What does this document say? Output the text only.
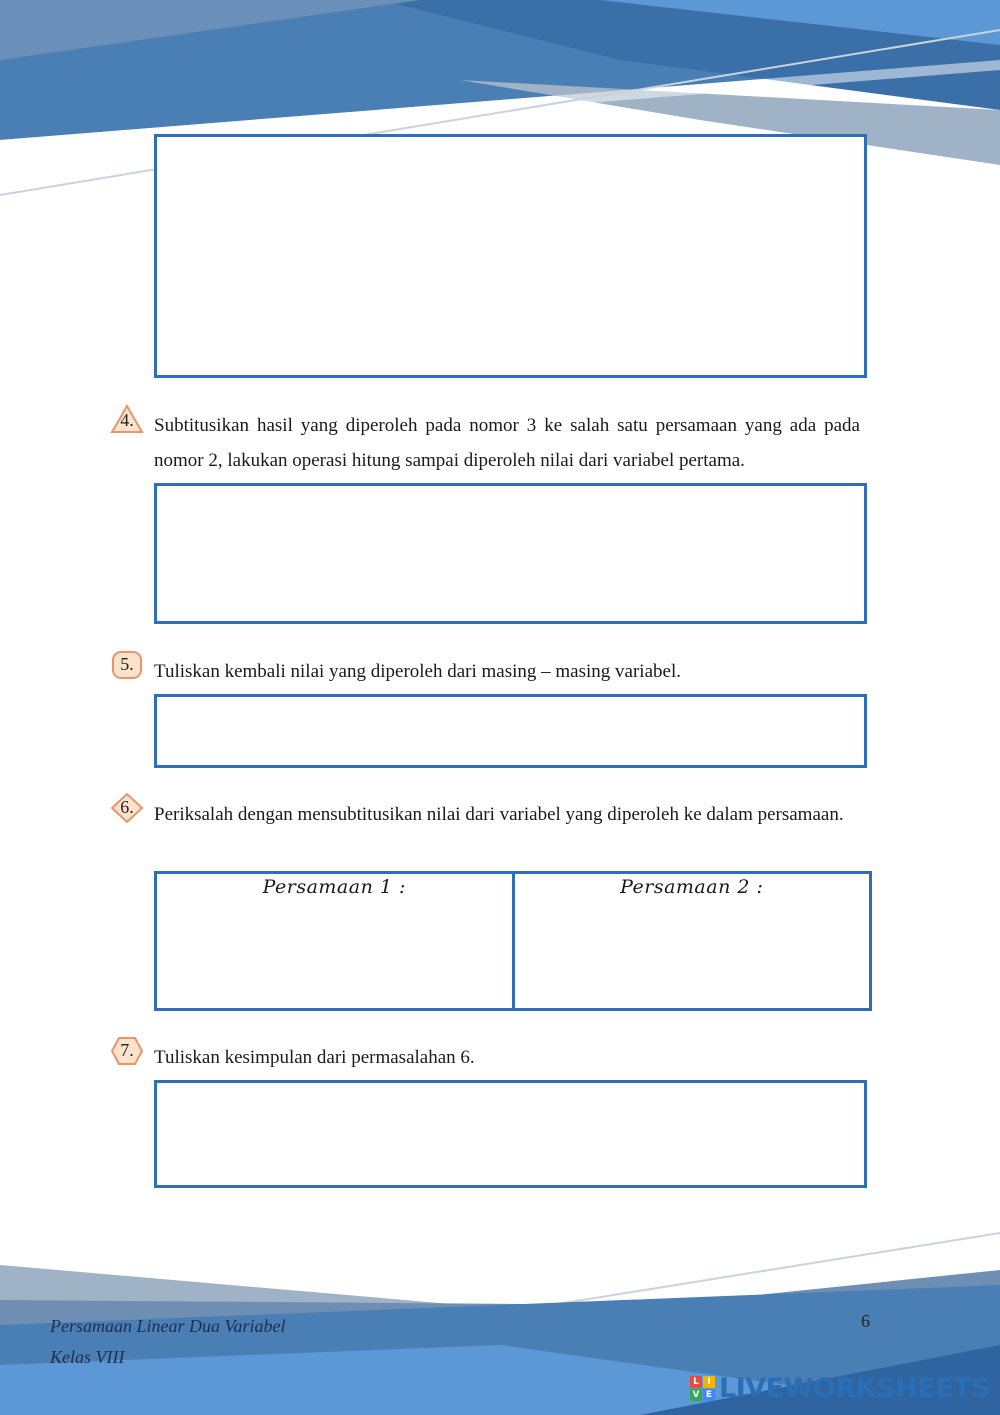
4.	Subtitusikan hasil yang diperoleh pada nomor 3 ke salah satu persamaan yang ada pada nomor 2, lakukan operasi hitung sampai diperoleh nilai dari variabel pertama.
5.	Tuliskan kembali nilai yang diperoleh dari masing – masing variabel.
6.	Periksalah dengan mensubtitusikan nilai dari variabel yang diperoleh ke dalam persamaan.
Persamaan 1 :	Persamaan 2 :
7.	Tuliskan kesimpulan dari permasalahan 6.
Persamaan Linear Dua Variabel
Kelas VIII
6
L I
V E LIVEWORKSHEETS
